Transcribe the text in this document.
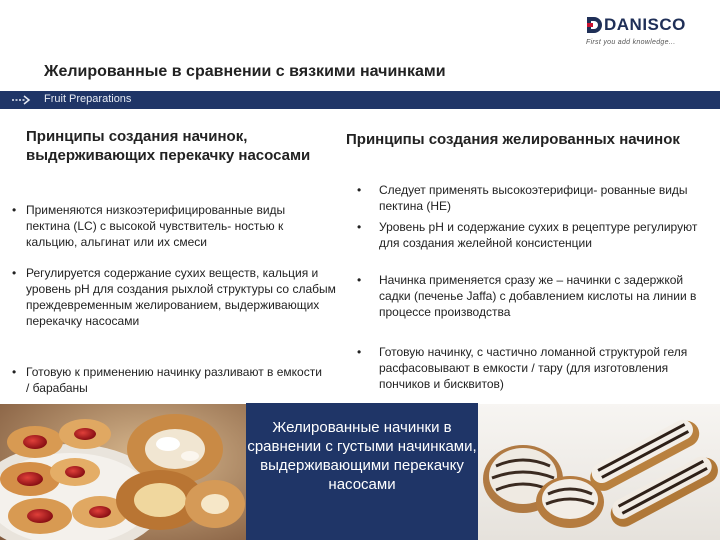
DANISCO
First you add knowledge...
Желированные в сравнении с вязкими начинками
Fruit Preparations
Принципы создания начинок, выдерживающих перекачку насосами
• Применяются низкоэтерифицированные виды пектина (LC) с высокой чувствитель- ностью к кальцию, альгинат или их смеси
• Регулируется содержание сухих веществ, кальция и уровень pH для создания рыхлой структуры со слабым преждевременным желированием, выдерживающих перекачку насосами
• Готовую к применению начинку разливают в емкости / барабаны
Принципы создания желированных начинок
• Следует применять высокоэтерифици- рованные виды пектина (HE)
• Уровень pH и содержание сухих в рецептуре регулируют для создания желейной консистенции
• Начинка применяется сразу же – начинки с задержкой садки (печенье Jaffa) с добавлением кислоты на линии в процессе производства
• Готовую начинку, с частично ломанной структурой геля расфасовывают в емкости / тару (для изготовления пончиков и бисквитов)
Желированные начинки в сравнении с густыми начинками, выдерживающими перекачку насосами
